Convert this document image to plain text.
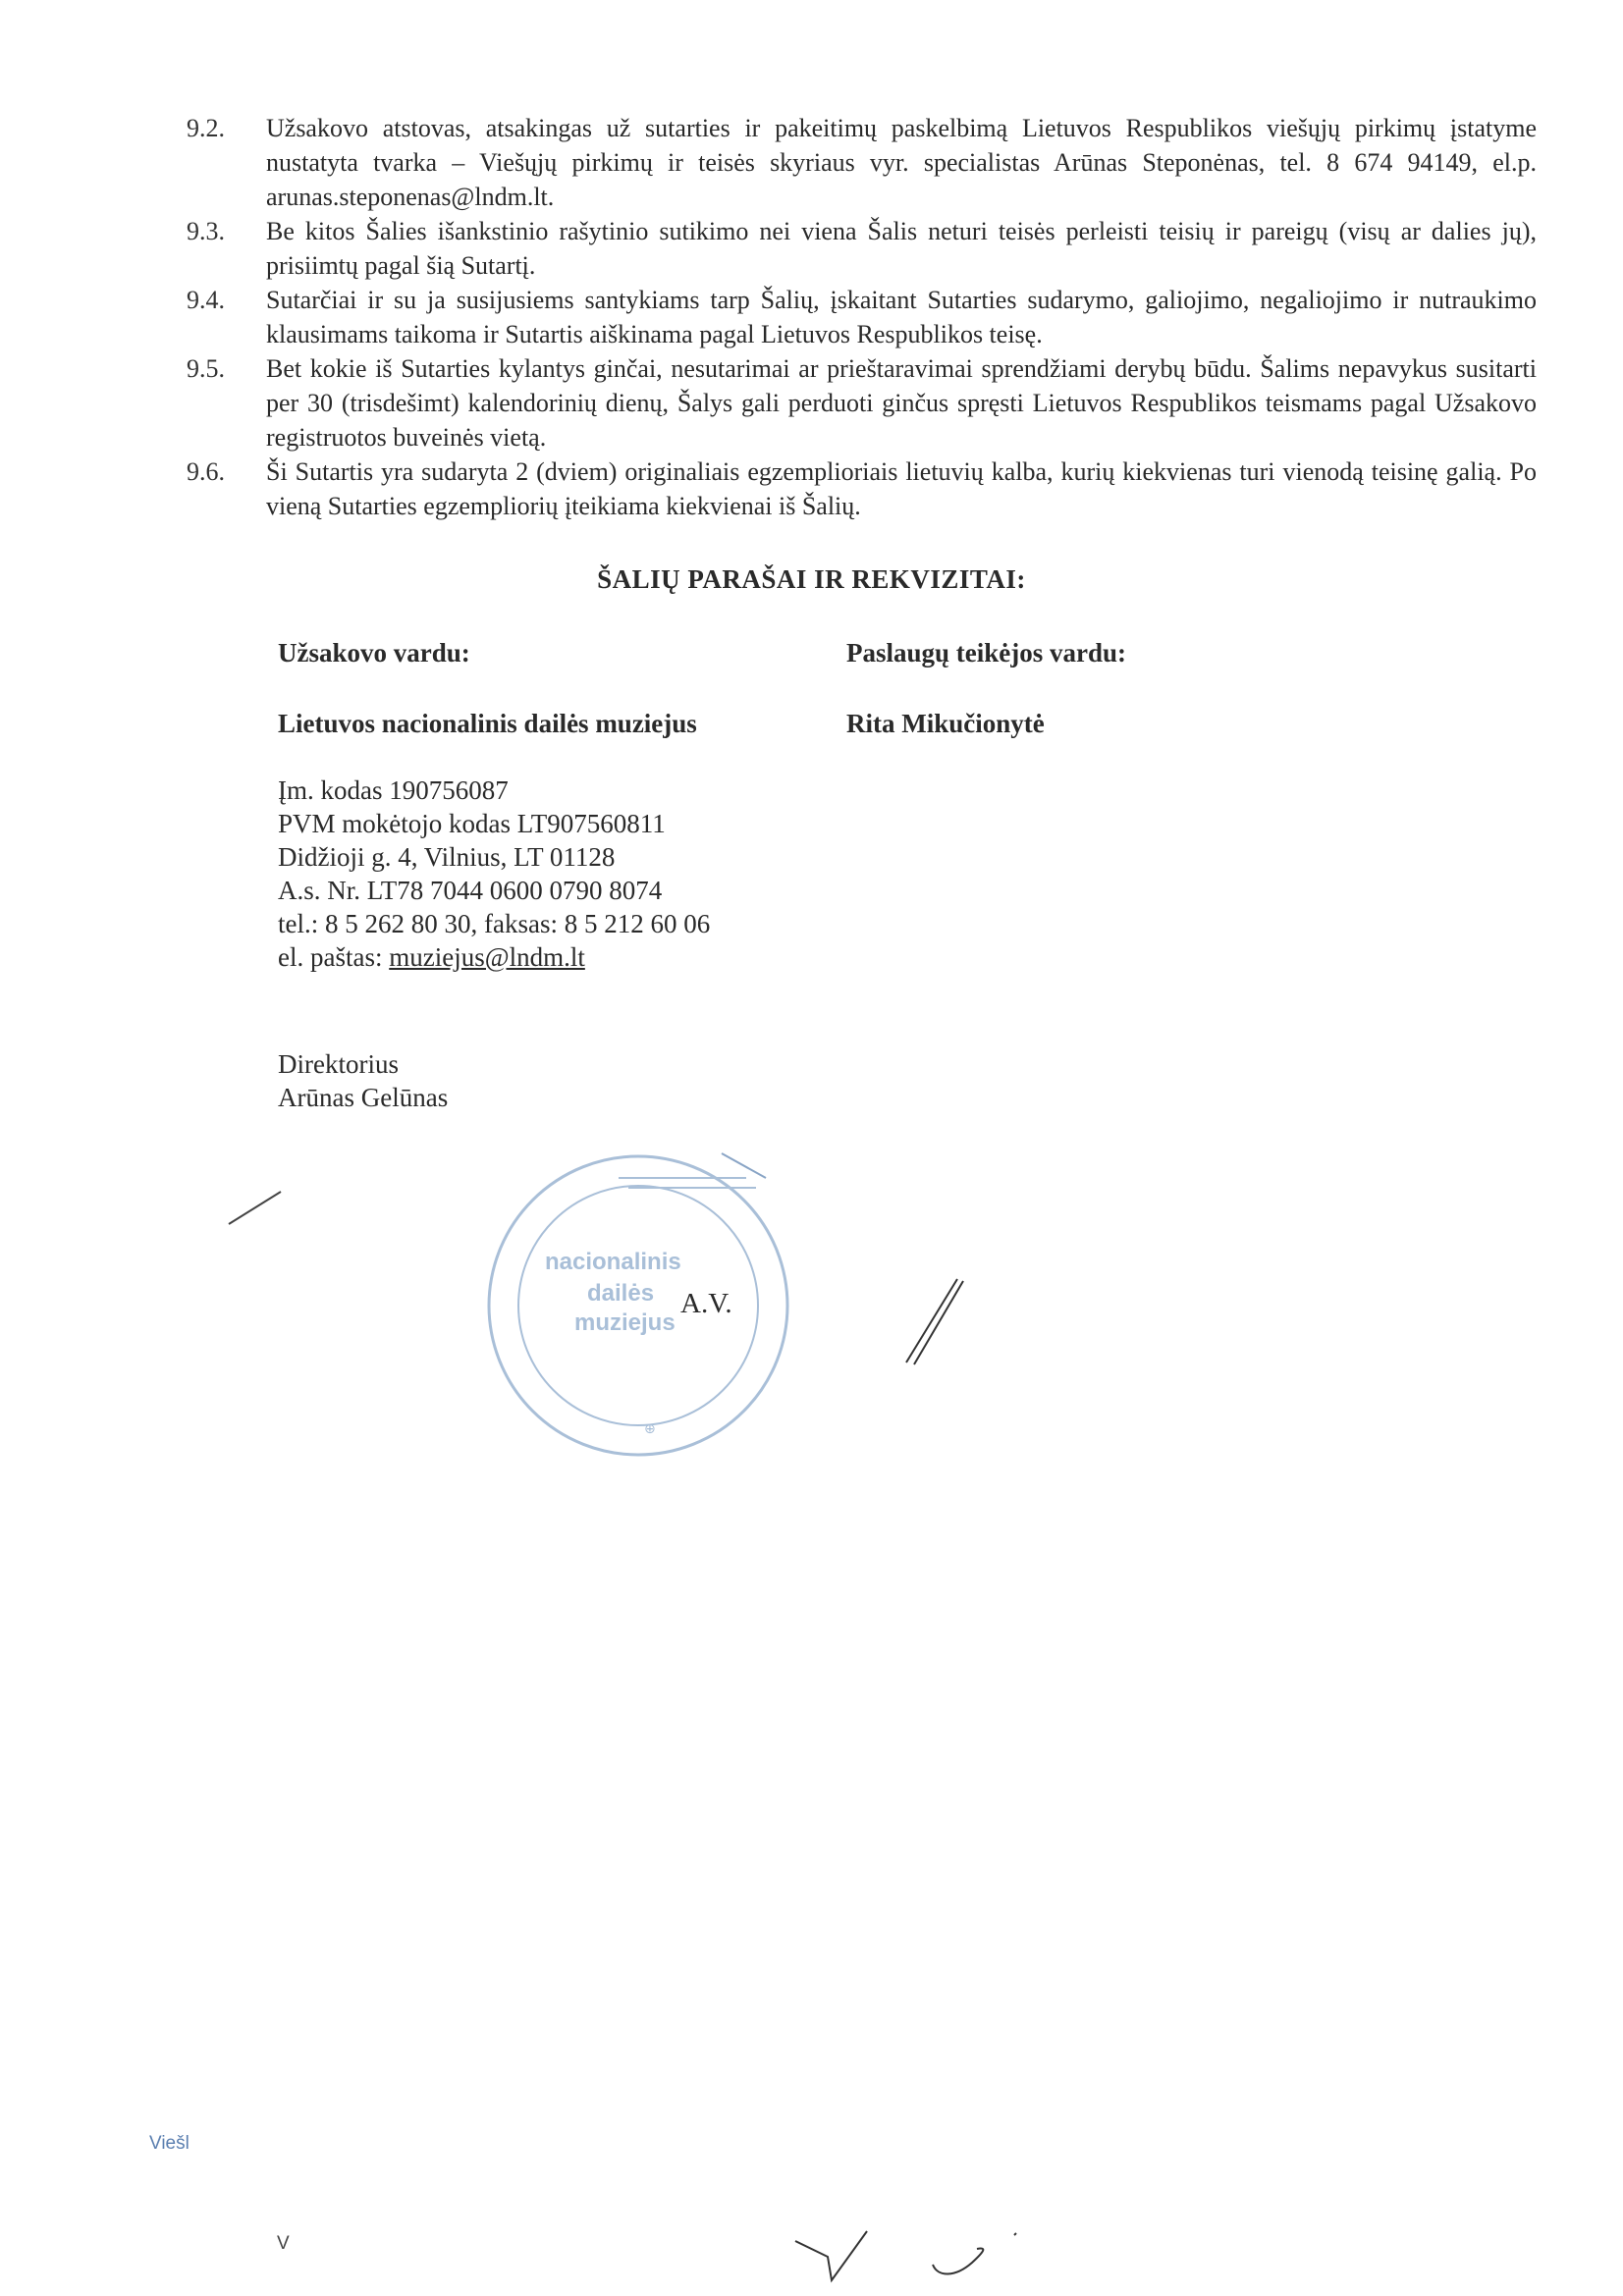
9.2.	Užsakovo atstovas, atsakingas už sutarties ir pakeitimų paskelbimą Lietuvos Respublikos viešųjų pirkimų įstatyme nustatyta tvarka – Viešųjų pirkimų ir teisės skyriaus vyr. specialistas Arūnas Steponėnas, tel. 8 674 94149, el.p. arunas.steponenas@lndm.lt.
9.3.	Be kitos Šalies išankstinio rašytinio sutikimo nei viena Šalis neturi teisės perleisti teisių ir pareigų (visų ar dalies jų), prisiimtų pagal šią Sutartį.
9.4.	Sutarčiai ir su ja susijusiems santykiams tarp Šalių, įskaitant Sutarties sudarymo, galiojimo, negaliojimo ir nutraukimo klausimams taikoma ir Sutartis aiškinama pagal Lietuvos Respublikos teisę.
9.5.	Bet kokie iš Sutarties kylantys ginčai, nesutarimai ar prieštaravimai sprendžiami derybų būdu. Šalims nepavykus susitarti per 30 (trisdešimt) kalendorinių dienų, Šalys gali perduoti ginčus spręsti Lietuvos Respublikos teismams pagal Užsakovo registruotos buveinės vietą.
9.6.	Ši Sutartis yra sudaryta 2 (dviem) originaliais egzemplioriais lietuvių kalba, kurių kiekvienas turi vienodą teisinę galią. Po vieną Sutarties egzempliorių įteikiama kiekvienai iš Šalių.
ŠALIŲ PARAŠAI IR REKVIZITAI:
Užsakovo vardu:	Paslaugų teikėjos vardu:
Lietuvos nacionalinis dailės muziejus	Rita Mikučionytė
Įm. kodas 190756087
PVM mokėtojo kodas LT907560811
Didžioji g. 4, Vilnius, LT 01128
A.s. Nr. LT78 7044 0600 0790 8074
tel.: 8 5 262 80 30, faksas: 8 5 212 60 06
el. paštas: muziejus@lndm.lt
Direktorius
Arūnas Gelūnas
⊕
nacionalinis
dailės
muziejus
A.V.
Viešl
V
